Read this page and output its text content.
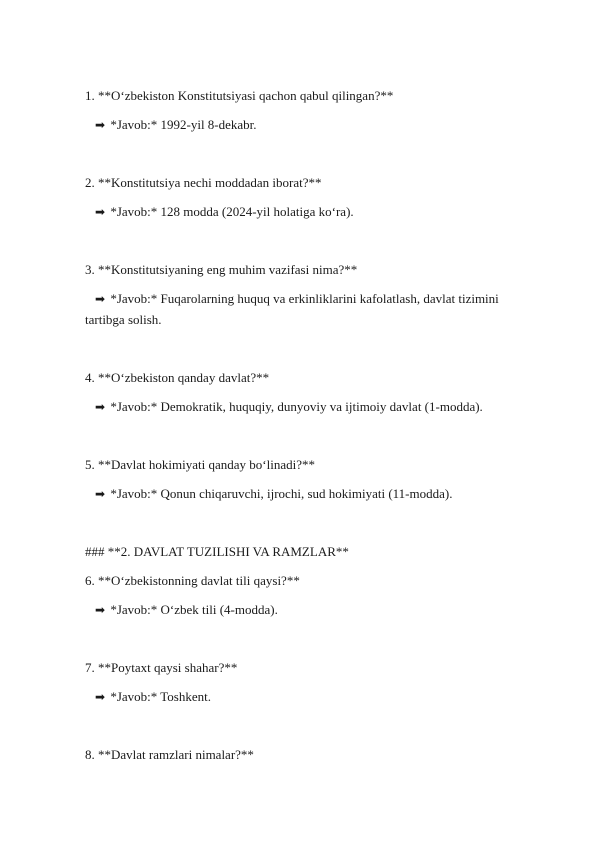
1. **O‘zbekiston Konstitutsiyasi qachon qabul qilingan?**
➡ *Javob:* 1992-yil 8-dekabr.
2. **Konstitutsiya nechi moddadan iborat?**
➡ *Javob:* 128 modda (2024-yil holatiga ko‘ra).
3. **Konstitutsiyaning eng muhim vazifasi nima?**
➡ *Javob:* Fuqarolarning huquq va erkinliklarini kafolatlash, davlat tizimini
tartibga solish.
4. **O‘zbekiston qanday davlat?**
➡ *Javob:* Demokratik, huquqiy, dunyoviy va ijtimoiy davlat (1-modda).
5. **Davlat hokimiyati qanday bo‘linadi?**
➡ *Javob:* Qonun chiqaruvchi, ijrochi, sud hokimiyati (11-modda).
### **2. DAVLAT TUZILISHI VA RAMZLAR**
6. **O‘zbekistonning davlat tili qaysi?**
➡ *Javob:* O‘zbek tili (4-modda).
7. **Poytaxt qaysi shahar?**
➡ *Javob:* Toshkent.
8. **Davlat ramzlari nimalar?**
